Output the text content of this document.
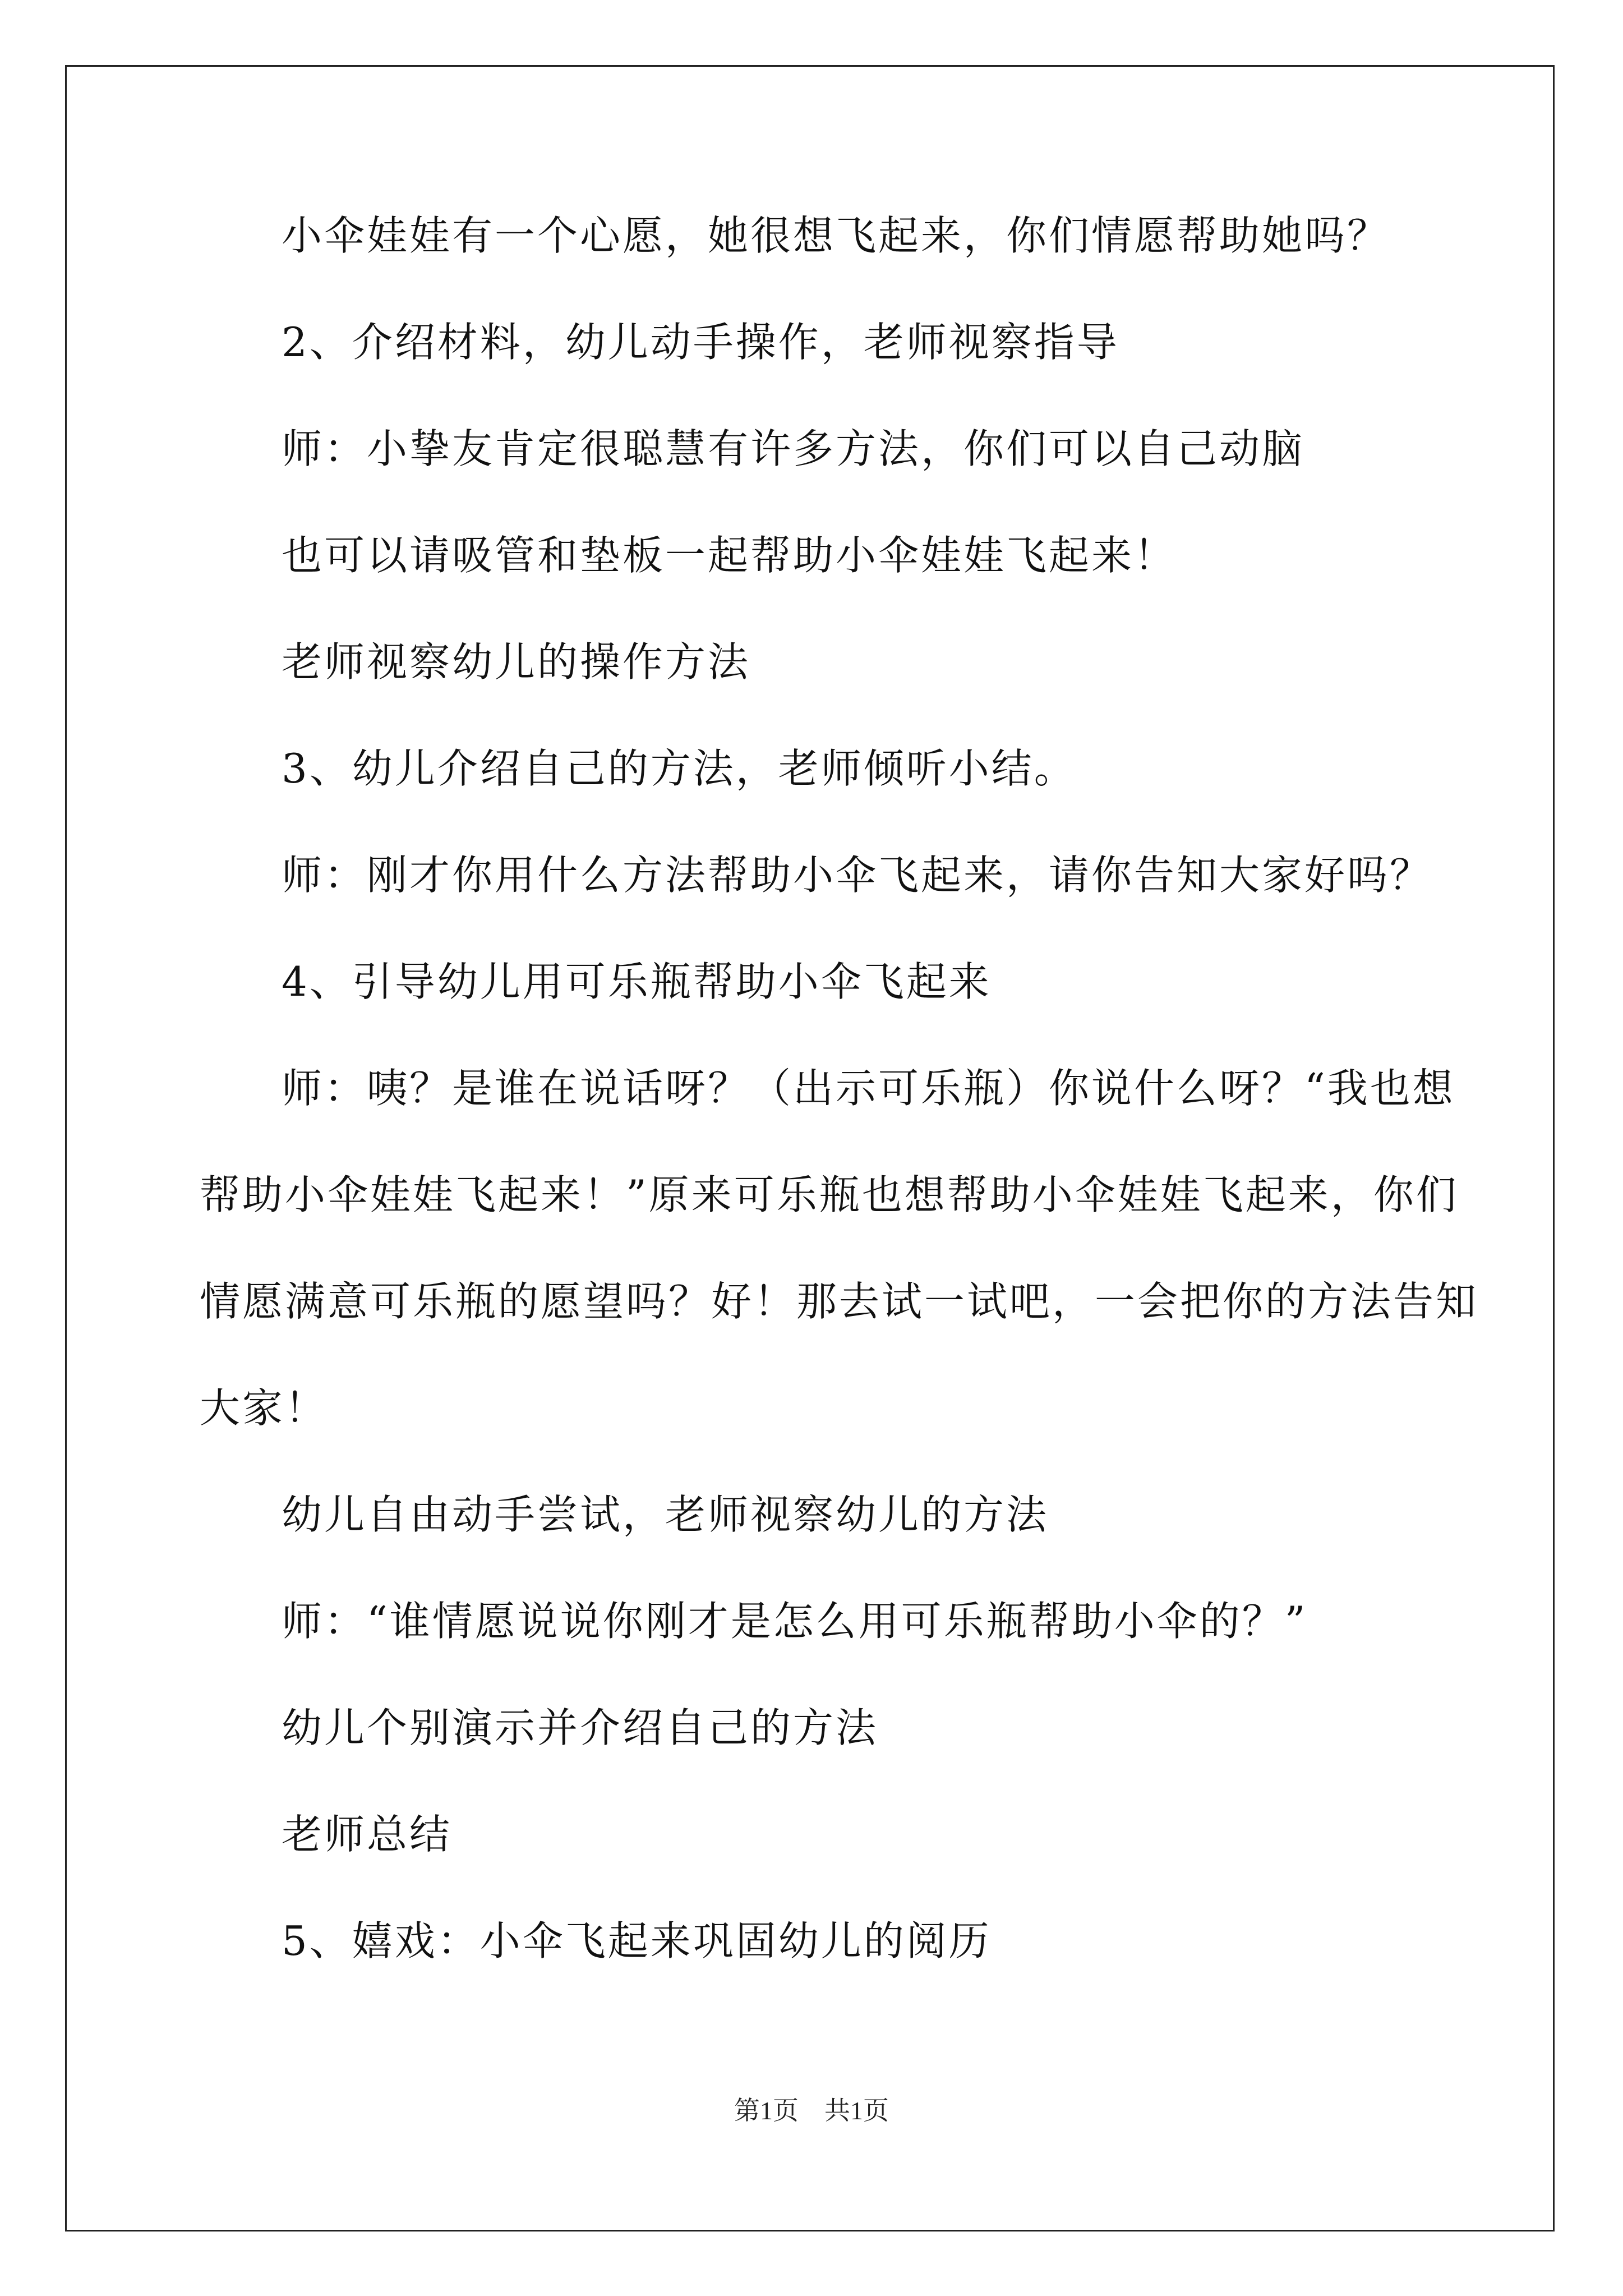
小伞娃娃有一个心愿，她很想飞起来，你们情愿帮助她吗？
2、介绍材料，幼儿动手操作，老师视察指导
师：小挚友肯定很聪慧有许多方法，你们可以自己动脑
也可以请吸管和垫板一起帮助小伞娃娃飞起来！
老师视察幼儿的操作方法
3、幼儿介绍自己的方法，老师倾听小结。
师：刚才你用什么方法帮助小伞飞起来，请你告知大家好吗？
4、引导幼儿用可乐瓶帮助小伞飞起来
师：咦？是谁在说话呀？（出示可乐瓶）你说什么呀？“我也想
帮助小伞娃娃飞起来！”原来可乐瓶也想帮助小伞娃娃飞起来，你们
情愿满意可乐瓶的愿望吗？好！那去试一试吧，一会把你的方法告知
大家！
幼儿自由动手尝试，老师视察幼儿的方法
师：“谁情愿说说你刚才是怎么用可乐瓶帮助小伞的？”
幼儿个别演示并介绍自己的方法
老师总结
5、嬉戏：小伞飞起来巩固幼儿的阅历
第1页　共1页
